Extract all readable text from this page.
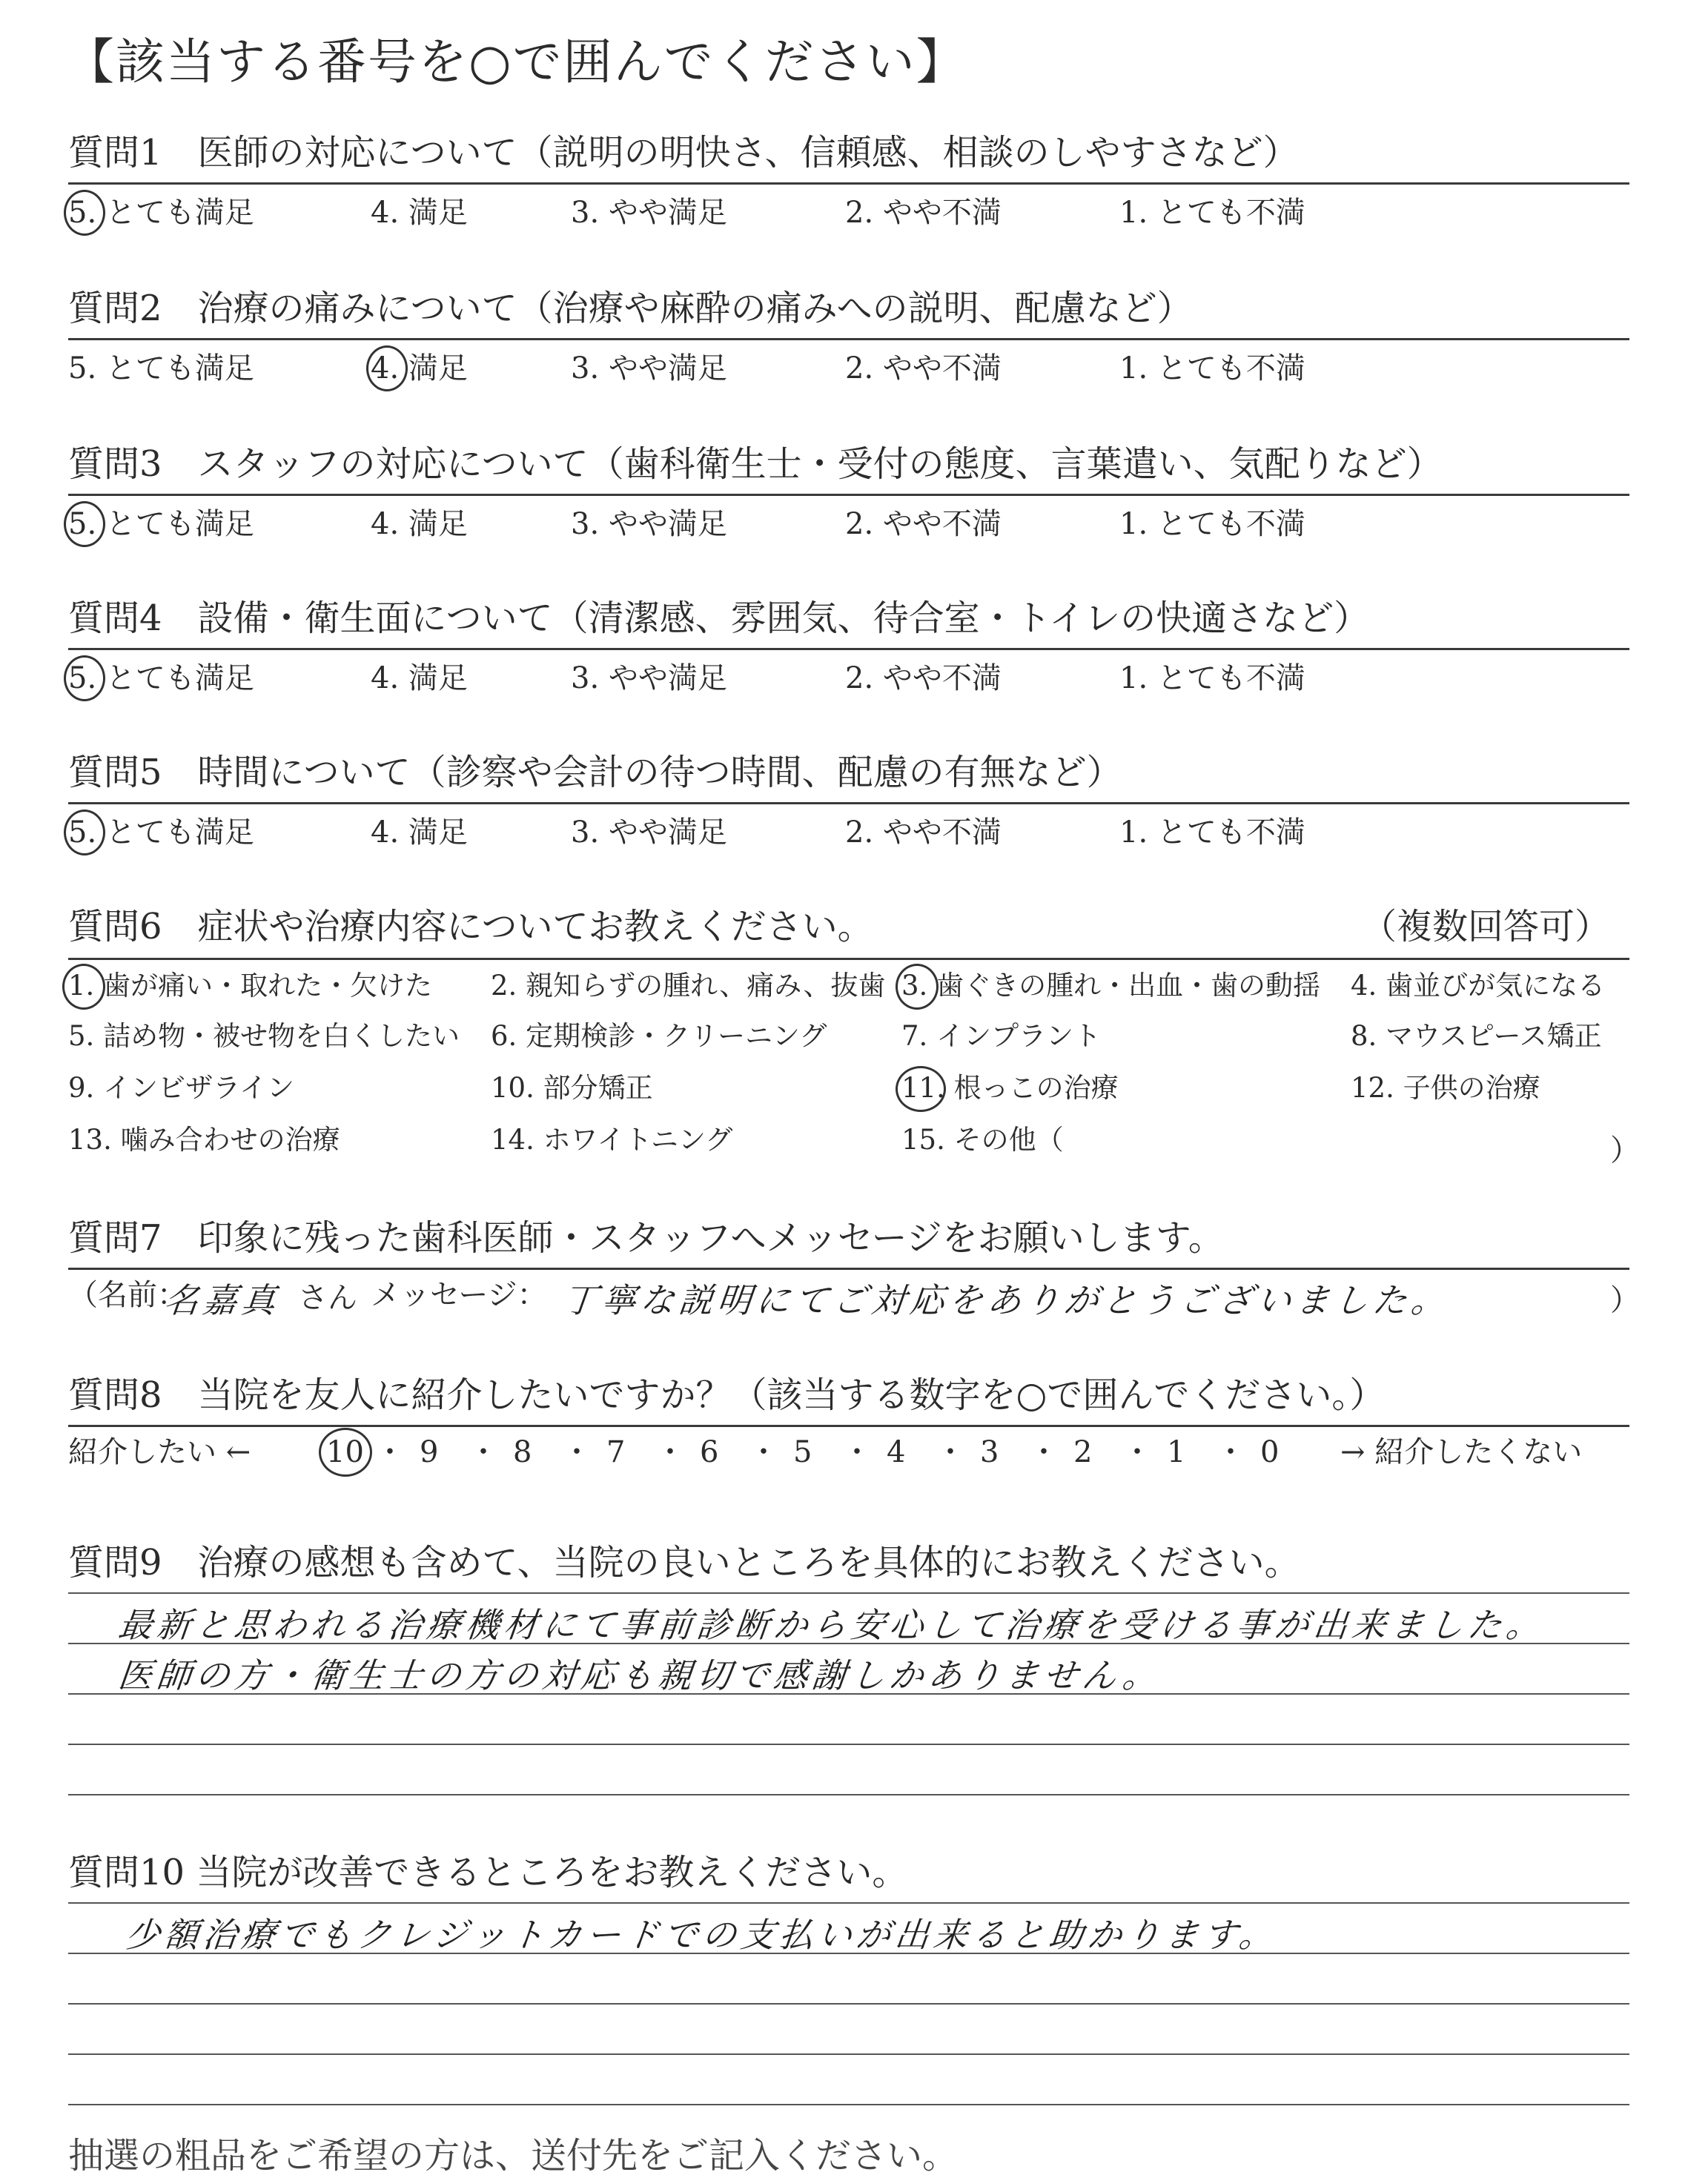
【該当する番号を○で囲んでください】
質問1　医師の対応について（説明の明快さ、信頼感、相談のしやすさなど）
質問2　治療の痛みについて（治療や麻酔の痛みへの説明、配慮など）
質問3　スタッフの対応について（歯科衛生士・受付の態度、言葉遣い、気配りなど）
質問4　設備・衛生面について（清潔感、雰囲気、待合室・トイレの快適さなど）
質問5　時間について（診察や会計の待つ時間、配慮の有無など）
質問6　症状や治療内容についてお教えください。	（複数回答可）
）
質問7　印象に残った歯科医師・スタッフへメッセージをお願いします。
（名前：
名嘉真 さん メッセージ： 丁寧な説明にてご対応をありがとうございました。	）
質問8　当院を友人に紹介したいですか？（該当する数字を○で囲んでください。）
紹介したい ←	→ 紹介したくない
質問9　治療の感想も含めて、当院の良いところを具体的にお教えください。
最新と思われる治療機材にて事前診断から安心して治療を受ける事が出来ました。
医師の方・衛生士の方の対応も親切で感謝しかありません。
質問10 当院が改善できるところをお教えください。
少額治療でもクレジットカードでの支払いが出来ると助かります。
抽選の粗品をご希望の方は、送付先をご記入ください。
5. とても満足	4. 満足	3. やや満足	2. やや不満	1. とても不満
5. とても満足	4. 満足	3. やや満足	2. やや不満	1. とても不満
5. とても満足	4. 満足	3. やや満足	2. やや不満	1. とても不満
5. とても満足	4. 満足	3. やや満足	2. やや不満	1. とても不満
5. とても満足	4. 満足	3. やや満足	2. やや不満	1. とても不満
1. 歯が痛い・取れた・欠けた 2. 親知らずの腫れ、痛み、抜歯 3. 歯ぐきの腫れ・出血・歯の動揺 4. 歯並びが気になる
5. 詰め物・被せ物を白くしたい 6. 定期検診・クリーニング	7. インプラント	8. マウスピース矯正
9. インビザライン	10. 部分矯正	11. 根っこの治療	12. 子供の治療
13. 噛み合わせの治療	14. ホワイトニング	15. その他（
10 ・ 9 ・ 8 ・ 7 ・ 6 ・ 5 ・ 4 ・ 3 ・ 2 ・ 1 ・ 0
